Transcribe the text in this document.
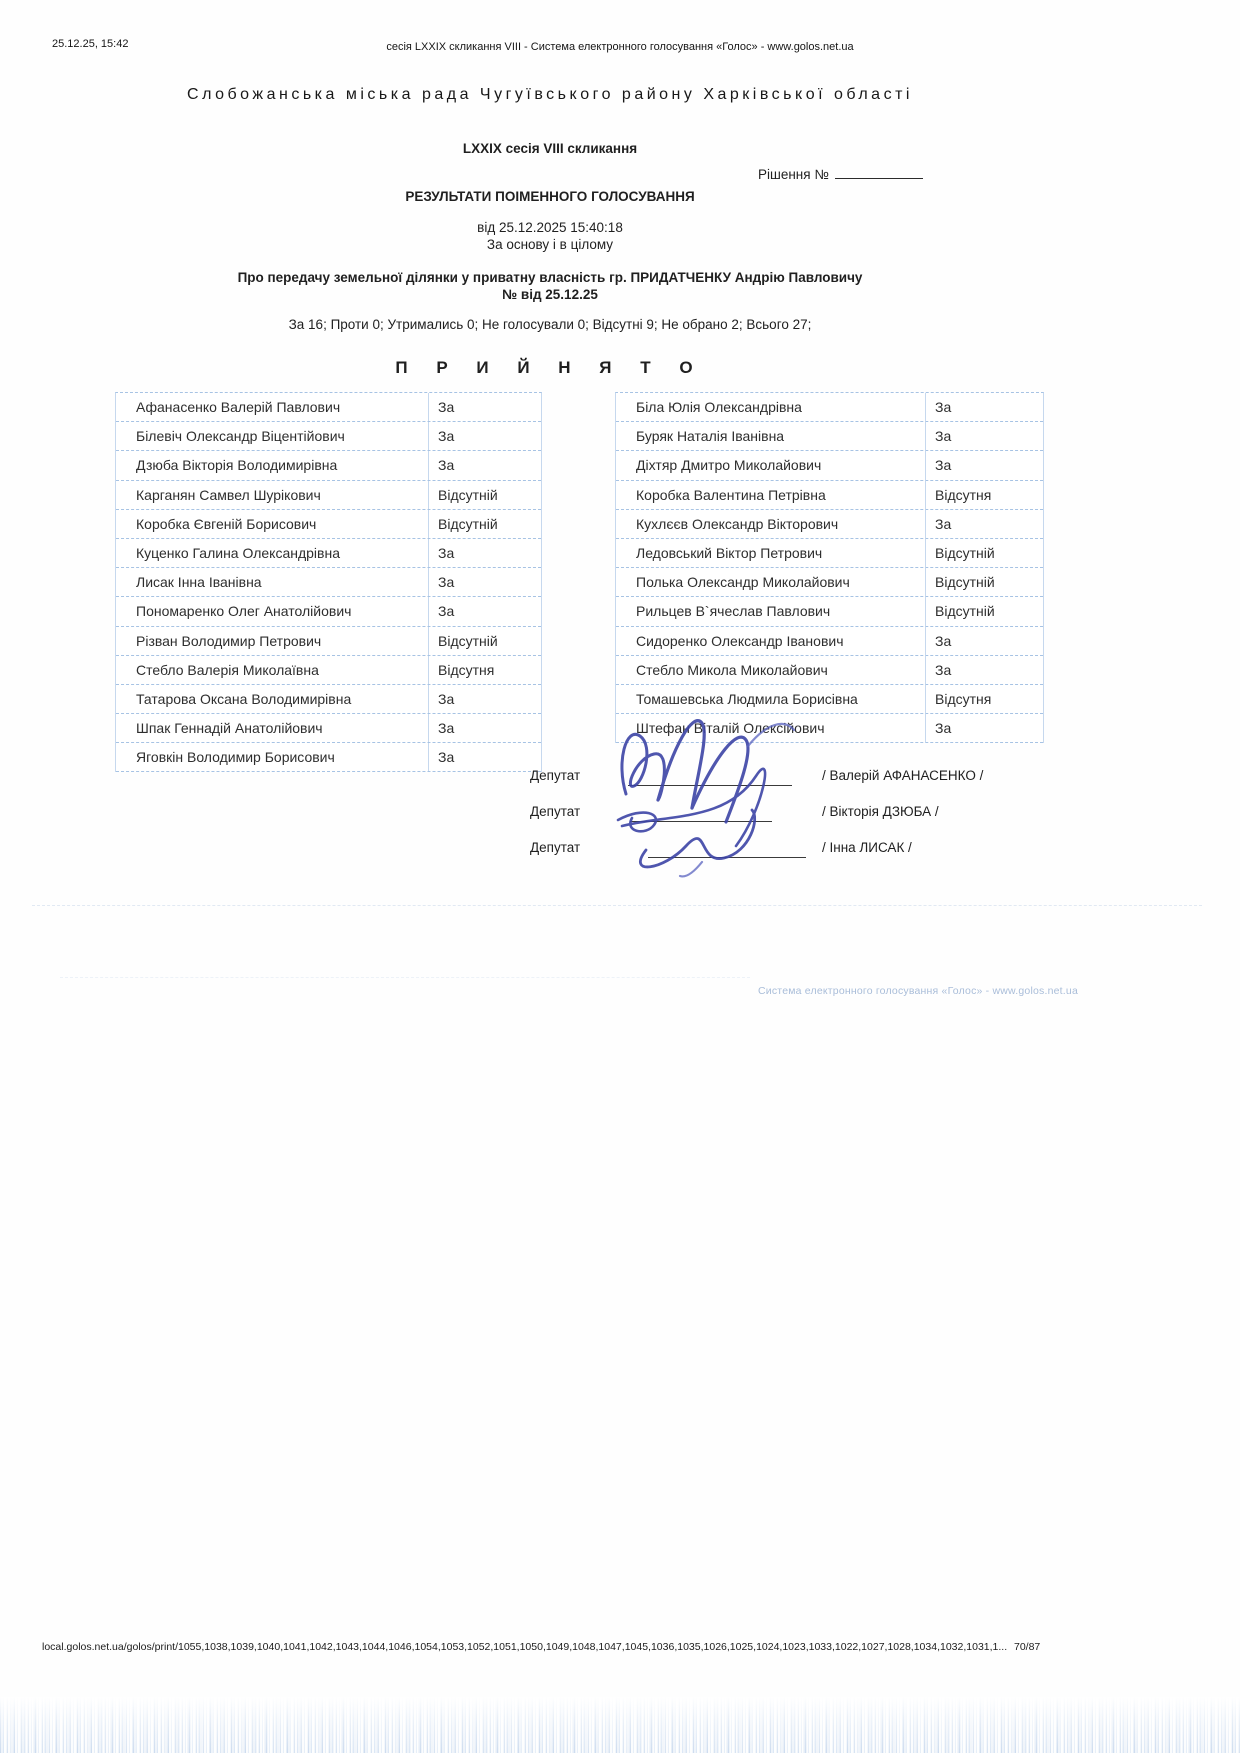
25.12.25, 15:42	сесія LXXIX скликання VIII - Система електронного голосування «Голос» - www.golos.net.ua
Слобожанська міська рада Чугуївського району Харківської області
LXXIX сесія VIII скликання
Рішення №
РЕЗУЛЬТАТИ ПОІМЕННОГО ГОЛОСУВАННЯ
від 25.12.2025 15:40:18
За основу і в цілому
Про передачу земельної ділянки у приватну власність гр. ПРИДАТЧЕНКУ Андрію Павловичу
№ від 25.12.25
За 16; Проти 0; Утримались 0; Не голосували 0; Відсутні 9; Не обрано 2; Всього 27;
П Р И Й Н Я Т О
Афанасенко Валерій Павлович	За
Білевіч Олександр Віцентійович	За
Дзюба Вікторія Володимирівна	За
Карганян Самвел Шурікович	Відсутній
Коробка Євгеній Борисович	Відсутній
Куценко Галина Олександрівна	За
Лисак Інна Іванівна	За
Пономаренко Олег Анатолійович	За
Різван Володимир Петрович	Відсутній
Стебло Валерія Миколаївна	Відсутня
Татарова Оксана Володимирівна	За
Шпак Геннадій Анатолійович	За
Яговкін Володимир Борисович	За
Біла Юлія Олександрівна	За
Буряк Наталія Іванівна	За
Діхтяр Дмитро Миколайович	За
Коробка Валентина Петрівна	Відсутня
Кухлєєв Олександр Вікторович	За
Ледовський Віктор Петрович	Відсутній
Полька Олександр Миколайович	Відсутній
Рильцев В`ячеслав Павлович	Відсутній
Сидоренко Олександр Іванович	За
Стебло Микола Миколайович	За
Томашевська Людмила Борисівна	Відсутня
Штефан Віталій Олексійович	За
Депутат	/ Валерій АФАНАСЕНКО /
Депутат	/ Вікторія ДЗЮБА /
Депутат	/ Інна ЛИСАК /
Система електронного голосування «Голос» - www.golos.net.ua
local.golos.net.ua/golos/print/1055,1038,1039,1040,1041,1042,1043,1044,1046,1054,1053,1052,1051,1050,1049,1048,1047,1045,1036,1035,1026,1025,1024,1023,1033,1022,1027,1028,1034,1032,1031,1... 70/87
